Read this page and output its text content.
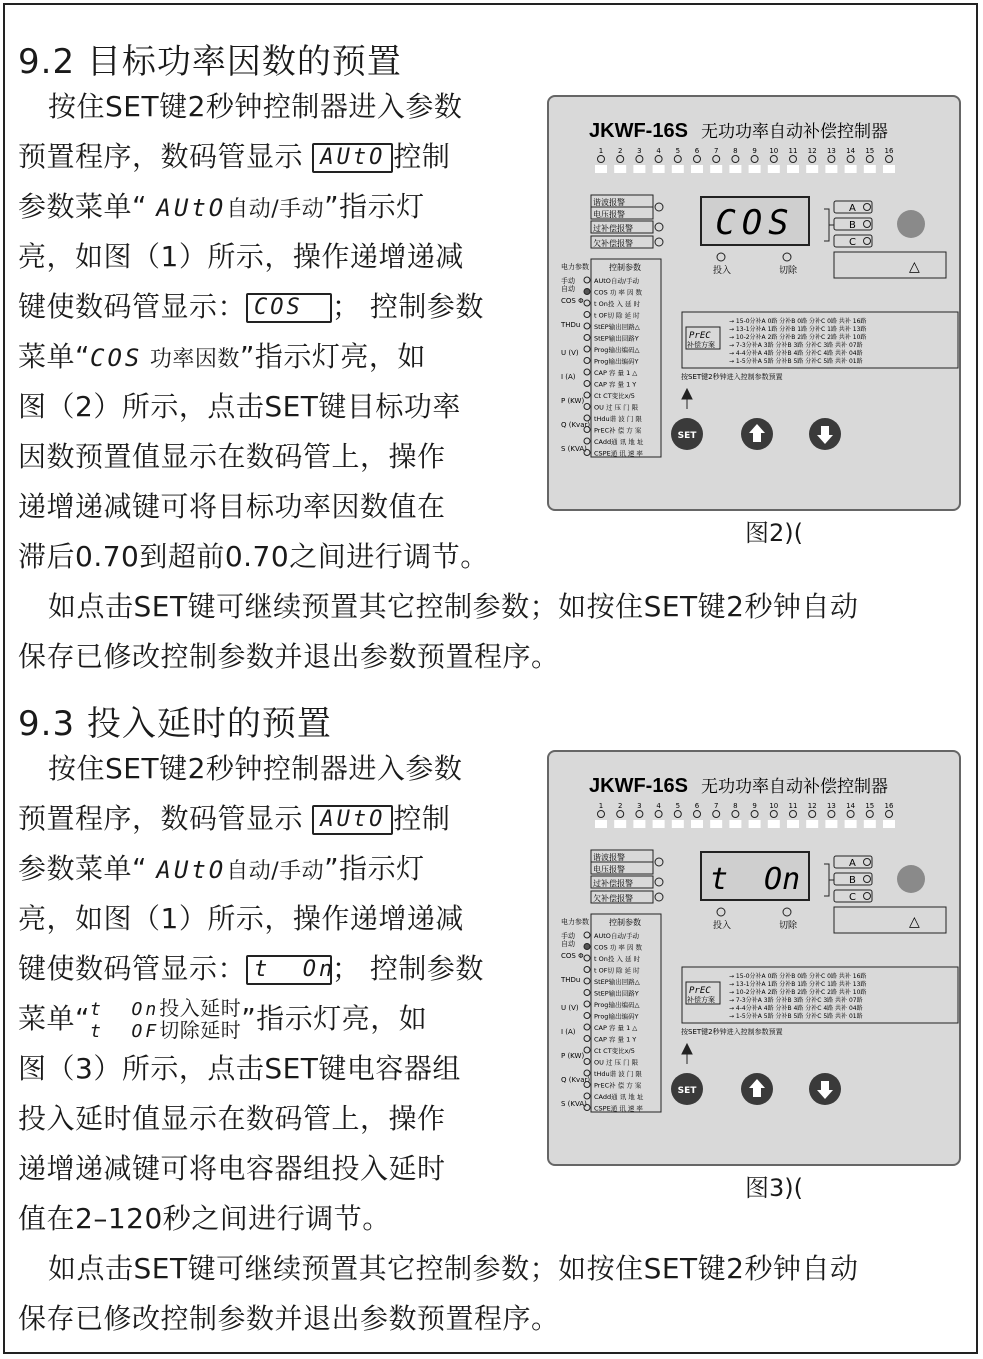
9.2 目标功率因数的预置
按住SET键2秒钟控制器进入参数
预置程序，数码管显示 AUtO 控制
参数菜单“ AUtO自动/手动”指示灯
亮，如图（1）所示，操作递增递减
键使数码管显示： COS ； 控制参数
菜单“COS 功率因数”指示灯亮，如
图（2）所示，点击SET键目标功率
因数预置值显示在数码管上，操作
递增递减键可将目标功率因数值在
滞后0.70到超前0.70之间进行调节。
如点击SET键可继续预置其它控制参数；如按住SET键2秒钟自动
保存已修改控制参数并退出参数预置程序。
JKWF-16S 无功功率自动补偿控制器
1 2 3 4 5 6 7 8 9 10 11 12 13 14 15 16
谐波报警
电压报警
过补偿报警
欠补偿报警
COS
投入	切除
A
B
C
△
电力参数
手动
自动
COS Φ
THDu
U (V)
I (A)
P (KW)
Q (Kvar)
S (KVA)
控制参数
AUtO自动/手动
COS 功 率 因 数
t On投 入 延 时
t OF切 除 延 时
StEP输出回路△
StEP输出回路Y
Prog输出编码△
Prog输出编码Y
CAP 容 量 1 △
CAP 容 量 1 Y
Ct CT变比x/5
OU 过 压 门 限
tHdu谐 波 门 限
PrEC补 偿 方 案
CAdd通 讯 地 址
CSPE通 讯 速 率
PrEC
补偿方案
→ 15-0分补A 0路 分补B 0路 分补C 0路 共补 16路
→ 13-1分补A 1路 分补B 1路 分补C 1路 共补 13路
→ 10-2分补A 2路 分补B 2路 分补C 2路 共补 10路
→ 7-3分补A 3路 分补B 3路 分补C 3路 共补 07路
→ 4-4分补A 4路 分补B 4路 分补C 4路 共补 04路
→ 1-5分补A 5路 分补B 5路 分补C 5路 共补 01路
按SET键2秒钟进入控制参数预置
SET
图2)(
9.3 投入延时的预置
按住SET键2秒钟控制器进入参数
预置程序，数码管显示 AUtO 控制
参数菜单“ AUtO自动/手动”指示灯
亮，如图（1）所示，操作递增递减
键使数码管显示： t  On； 控制参数
菜单“t  On投入延时
t  OF切除延时”指示灯亮，如
图（3）所示，点击SET键电容器组
投入延时值显示在数码管上，操作
递增递减键可将电容器组投入延时
值在2–120秒之间进行调节。
如点击SET键可继续预置其它控制参数；如按住SET键2秒钟自动
保存已修改控制参数并退出参数预置程序。
JKWF-16S 无功功率自动补偿控制器
1 2 3 4 5 6 7 8 9 10 11 12 13 14 15 16
谐波报警
电压报警
过补偿报警
欠补偿报警
t  On
投入	切除
A
B
C
△
电力参数
手动
自动
COS Φ
THDu
U (V)
I (A)
P (KW)
Q (Kvar)
S (KVA)
控制参数
AUtO自动/手动
COS 功 率 因 数
t On投 入 延 时
t OF切 除 延 时
StEP输出回路△
StEP输出回路Y
Prog输出编码△
Prog输出编码Y
CAP 容 量 1 △
CAP 容 量 1 Y
Ct CT变比x/5
OU 过 压 门 限
tHdu谐 波 门 限
PrEC补 偿 方 案
CAdd通 讯 地 址
CSPE通 讯 速 率
PrEC
补偿方案
→ 15-0分补A 0路 分补B 0路 分补C 0路 共补 16路
→ 13-1分补A 1路 分补B 1路 分补C 1路 共补 13路
→ 10-2分补A 2路 分补B 2路 分补C 2路 共补 10路
→ 7-3分补A 3路 分补B 3路 分补C 3路 共补 07路
→ 4-4分补A 4路 分补B 4路 分补C 4路 共补 04路
→ 1-5分补A 5路 分补B 5路 分补C 5路 共补 01路
按SET键2秒钟进入控制参数预置
SET
图3)(
